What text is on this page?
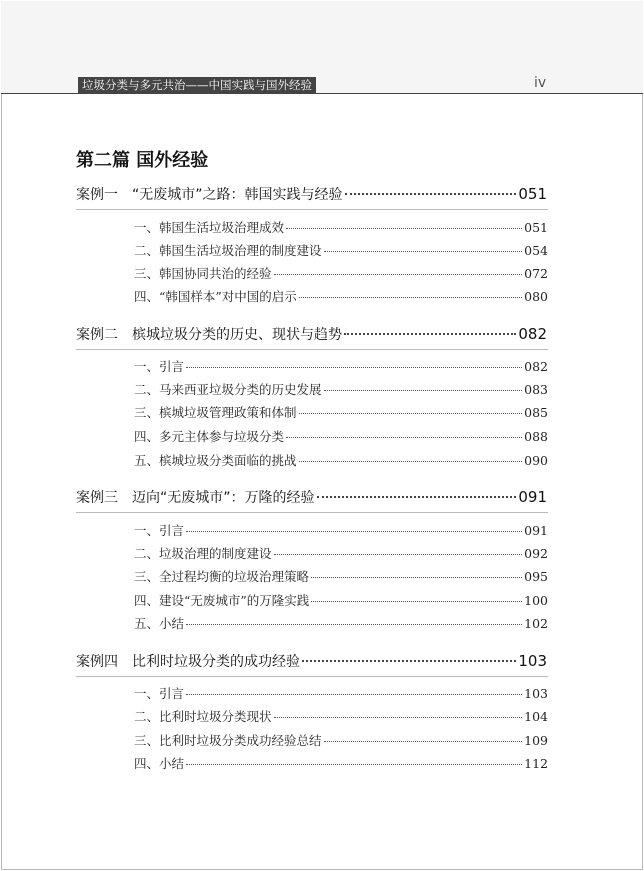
垃圾分类与多元共治——中国实践与国外经验	iv
第二篇 国外经验
案例一	“无废城市”之路：韩国实践与经验	051
一、韩国生活垃圾治理成效	051
二、韩国生活垃圾治理的制度建设	054
三、韩国协同共治的经验	072
四、“韩国样本”对中国的启示	080
案例二	槟城垃圾分类的历史、现状与趋势	082
一、引言	082
二、马来西亚垃圾分类的历史发展	083
三、槟城垃圾管理政策和体制	085
四、多元主体参与垃圾分类	088
五、槟城垃圾分类面临的挑战	090
案例三	迈向“无废城市”：万隆的经验	091
一、引言	091
二、垃圾治理的制度建设	092
三、全过程均衡的垃圾治理策略	095
四、建设“无废城市”的万隆实践	100
五、小结	102
案例四	比利时垃圾分类的成功经验	103
一、引言	103
二、比利时垃圾分类现状	104
三、比利时垃圾分类成功经验总结	109
四、小结	112
